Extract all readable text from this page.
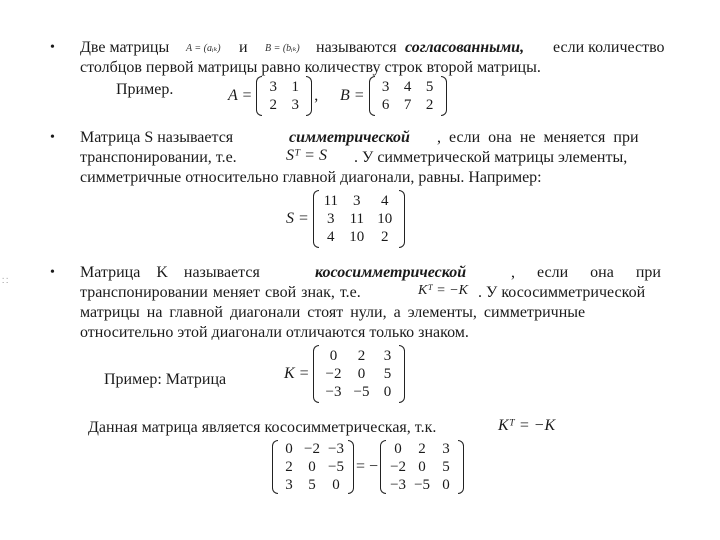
• Две матрицы A = (aᵢₖ) и B = (bᵢₖ) называются согласованными, если количество
столбцов первой матрицы равно количеству строк второй матрицы.
Пример.	A =	3 1
2 3
, B =	3 4 5
6 7 2
• Матрица S называется	симметрической , если она не меняется при
транспонировании, т.е.	Sᵀ = S . У симметрической матрицы элементы,
симметричные относительно главной диагонали, равны. Например:
S =
11	3	4
3	11 10
4 10	2
• Матрица K называется	кососимметрической	, если она при
транспонировании меняет свой знак, т.е.	Kᵀ = −K . У кососимметрической
матрицы на главной диагонали стоят нули, а элементы, симметричные
относительно этой диагонали отличаются только знаком.
Пример: Матрица	K =
0	2	3
−2	0	5
−3 −5 0
Данная матрица является кососимметрическая, т.к.	Kᵀ = −K
0 −2 −3
2	0 −5
3	5	0
= −
0	2	3
−2 0	5
−3 −5 0
⁚ ⁚
